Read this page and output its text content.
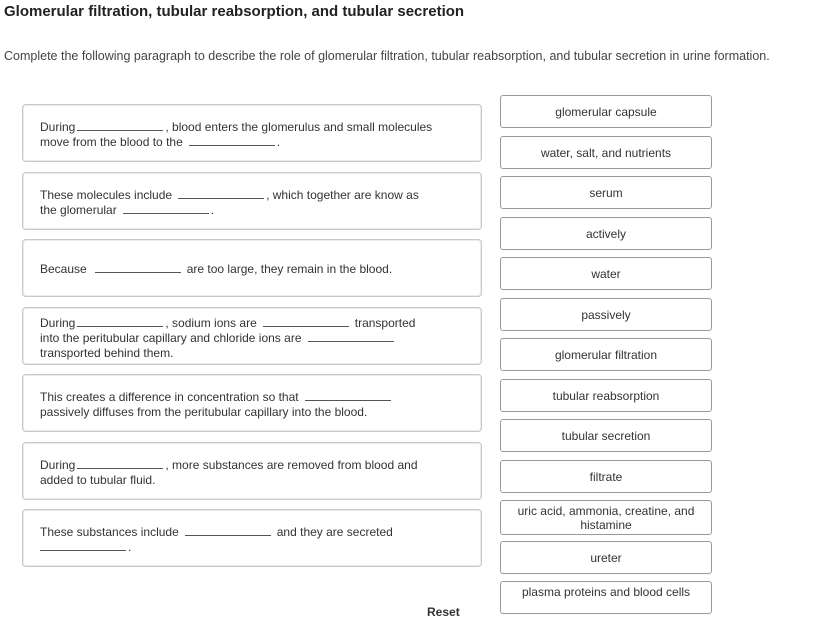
Glomerular filtration, tubular reabsorption, and tubular secretion
Complete the following paragraph to describe the role of glomerular filtration, tubular reabsorption, and tubular secretion in urine formation.
During	, blood enters the glomerulus and small molecules
move from the blood to the	.
These molecules include	, which together are know as
the glomerular	.
Because	are too large, they remain in the blood.
During	, sodium ions are	transported
into the peritubular capillary and chloride ions are
transported behind them.
This creates a difference in concentration so that
passively diffuses from the peritubular capillary into the blood.
During	, more substances are removed from blood and
added to tubular fluid.
These substances include	and they are secreted
.
glomerular capsule
water, salt, and nutrients
serum
actively
water
passively
glomerular filtration
tubular reabsorption
tubular secretion
filtrate
uric acid, ammonia, creatine, and histamine
ureter
plasma proteins and blood cells
Reset
